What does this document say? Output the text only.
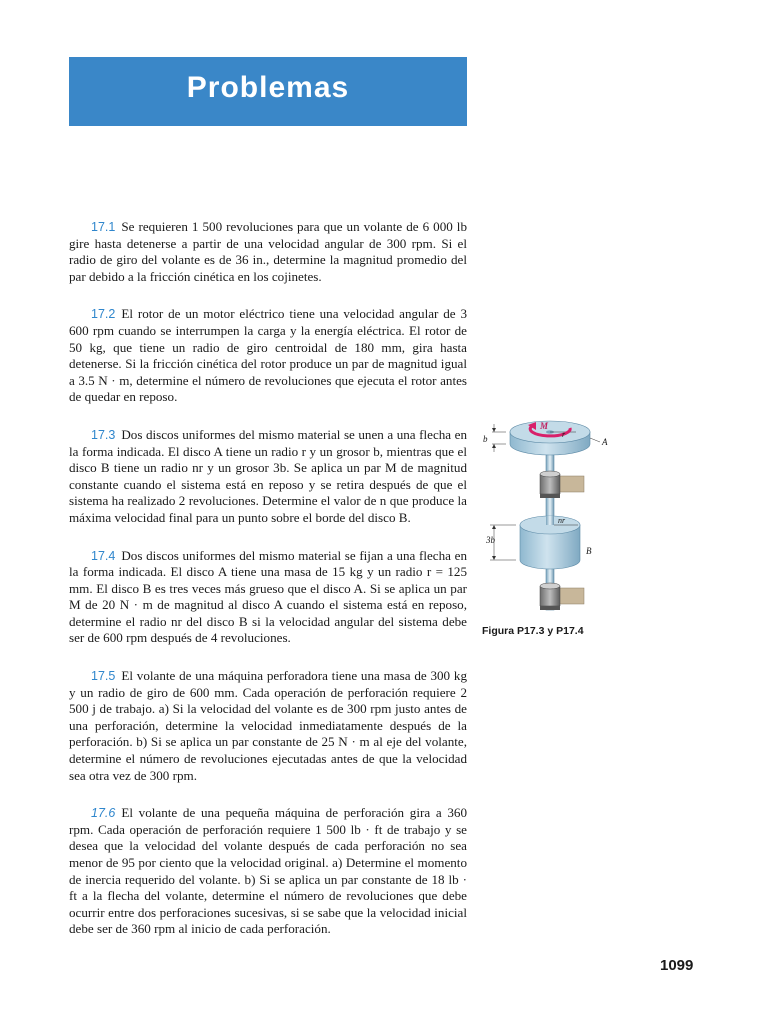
Problemas

17.1 Se requieren 1 500 revoluciones para que un volante de 6 000 lb gire hasta detenerse a partir de una velocidad angular de 300 rpm. Si el radio de giro del volante es de 36 in., determine la magnitud promedio del par debido a la fricción cinética en los cojinetes.

17.2 El rotor de un motor eléctrico tiene una velocidad angular de 3 600 rpm cuando se interrumpen la carga y la energía eléctrica. El rotor de 50 kg, que tiene un radio de giro centroidal de 180 mm, gira hasta detenerse. Si la fricción cinética del rotor produce un par de magnitud igual a 3.5 N · m, determine el número de revoluciones que ejecuta el rotor antes de quedar en reposo.

17.3 Dos discos uniformes del mismo material se unen a una flecha en la forma indicada. El disco A tiene un radio r y un grosor b, mientras que el disco B tiene un radio nr y un grosor 3b. Se aplica un par M de magnitud constante cuando el sistema está en reposo y se retira después de que el sistema ha realizado 2 revoluciones. Determine el valor de n que produce la máxima velocidad final para un punto sobre el borde del disco B.

17.4 Dos discos uniformes del mismo material se fijan a una flecha en la forma indicada. El disco A tiene una masa de 15 kg y un radio r = 125 mm. El disco B es tres veces más grueso que el disco A. Si se aplica un par M de 20 N · m de magnitud al disco A cuando el sistema está en reposo, determine el radio nr del disco B si la velocidad angular del sistema debe ser de 600 rpm después de 4 revoluciones.

17.5 El volante de una máquina perforadora tiene una masa de 300 kg y un radio de giro de 600 mm. Cada operación de perforación requiere 2 500 j de trabajo. a) Si la velocidad del volante es de 300 rpm justo antes de una perforación, determine la velocidad inmediatamente después de la perforación. b) Si se aplica un par constante de 25 N · m al eje del volante, determine el número de revoluciones ejecutadas antes de que la velocidad sea otra vez de 300 rpm.

17.6 El volante de una pequeña máquina de perforación gira a 360 rpm. Cada operación de perforación requiere 1 500 lb · ft de trabajo y se desea que la velocidad del volante después de cada perforación no sea menor de 95 por ciento que la velocidad original. a) Determine el momento de inercia requerido del volante. b) Si se aplica un par constante de 18 lb · ft a la flecha del volante, determine el número de revoluciones que debe ocurrir entre dos perforaciones sucesivas, si se sabe que la velocidad inicial debe ser de 360 rpm al inicio de cada perforación.

M
r
A
b
nr
B
3b
Figura P17.3 y P17.4
1099
